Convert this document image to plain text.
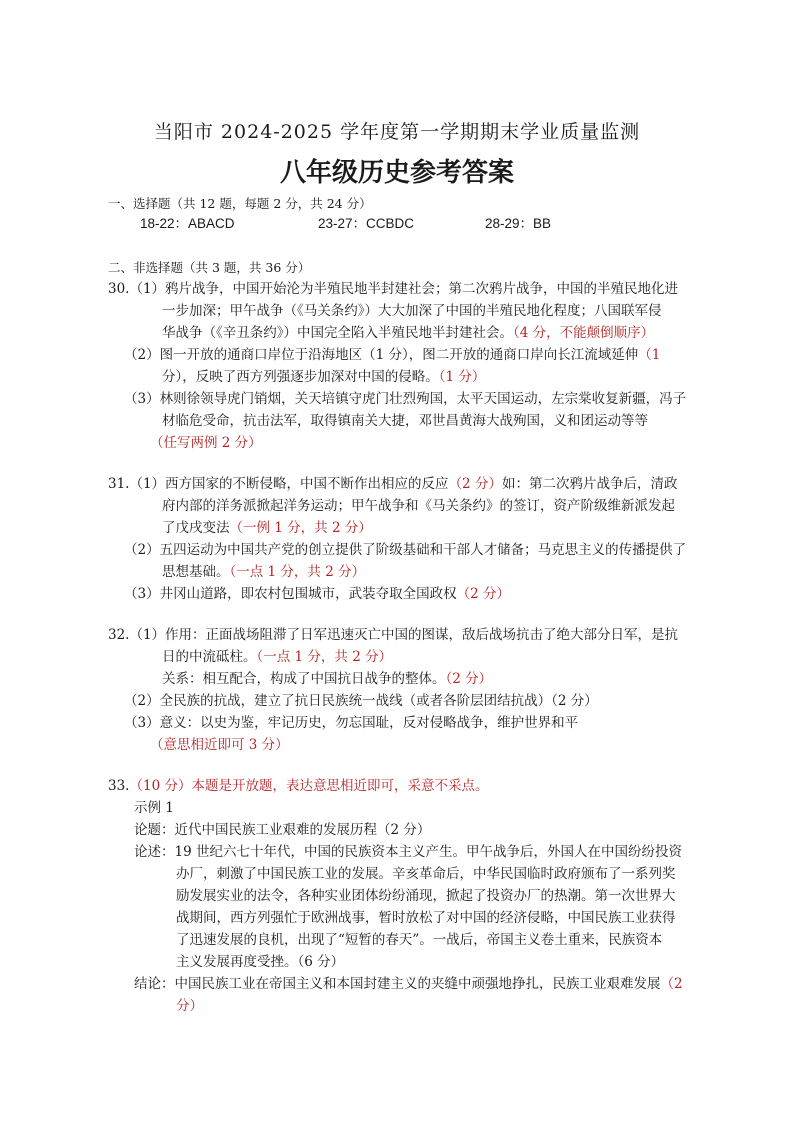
当阳市 2024-2025 学年度第一学期期末学业质量监测
八年级历史参考答案
一、选择题（共 12 题，每题 2 分，共 24 分）
18-22：ABACD	23-27：CCBDC	28-29：BB
二、非选择题（共 3 题，共 36 分）
30.（1）鸦片战争，中国开始沦为半殖民地半封建社会；第二次鸦片战争，中国的半殖民地化进
一步加深；甲午战争（《马关条约》）大大加深了中国的半殖民地化程度；八国联军侵
华战争（《辛丑条约》）中国完全陷入半殖民地半封建社会。（4 分，不能颠倒顺序）
（2）图一开放的通商口岸位于沿海地区（1 分），图二开放的通商口岸向长江流域延伸（1
分），反映了西方列强逐步加深对中国的侵略。（1 分）
（3）林则徐领导虎门销烟，关天培镇守虎门壮烈殉国，太平天国运动，左宗棠收复新疆，冯子
材临危受命，抗击法军，取得镇南关大捷，邓世昌黄海大战殉国，义和团运动等等
（任写两例 2 分）
31.（1）西方国家的不断侵略，中国不断作出相应的反应（2 分）如：第二次鸦片战争后，清政
府内部的洋务派掀起洋务运动；甲午战争和《马关条约》的签订，资产阶级维新派发起
了戊戌变法（一例 1 分，共 2 分）
（2）五四运动为中国共产党的创立提供了阶级基础和干部人才储备；马克思主义的传播提供了
思想基础。（一点 1 分，共 2 分）
（3）井冈山道路，即农村包围城市，武装夺取全国政权（2 分）
32.（1）作用：正面战场阻滞了日军迅速灭亡中国的图谋，敌后战场抗击了绝大部分日军，是抗
日的中流砥柱。（一点 1 分，共 2 分）
关系：相互配合，构成了中国抗日战争的整体。（2 分）
（2）全民族的抗战，建立了抗日民族统一战线（或者各阶层团结抗战）（2 分）
（3）意义：以史为鉴，牢记历史，勿忘国耻，反对侵略战争，维护世界和平
（意思相近即可 3 分）
33.（10 分）本题是开放题，表达意思相近即可，采意不采点。
示例 1
论题：近代中国民族工业艰难的发展历程（2 分）
论述：19 世纪六七十年代，中国的民族资本主义产生。甲午战争后，外国人在中国纷纷投资
办厂，刺激了中国民族工业的发展。辛亥革命后，中华民国临时政府颁布了一系列奖
励发展实业的法令，各种实业团体纷纷涌现，掀起了投资办厂的热潮。第一次世界大
战期间，西方列强忙于欧洲战事，暂时放松了对中国的经济侵略，中国民族工业获得
了迅速发展的良机，出现了“短暂的春天”。一战后，帝国主义卷土重来，民族资本
主义发展再度受挫。（6 分）
结论：中国民族工业在帝国主义和本国封建主义的夹缝中顽强地挣扎，民族工业艰难发展（2
分）
